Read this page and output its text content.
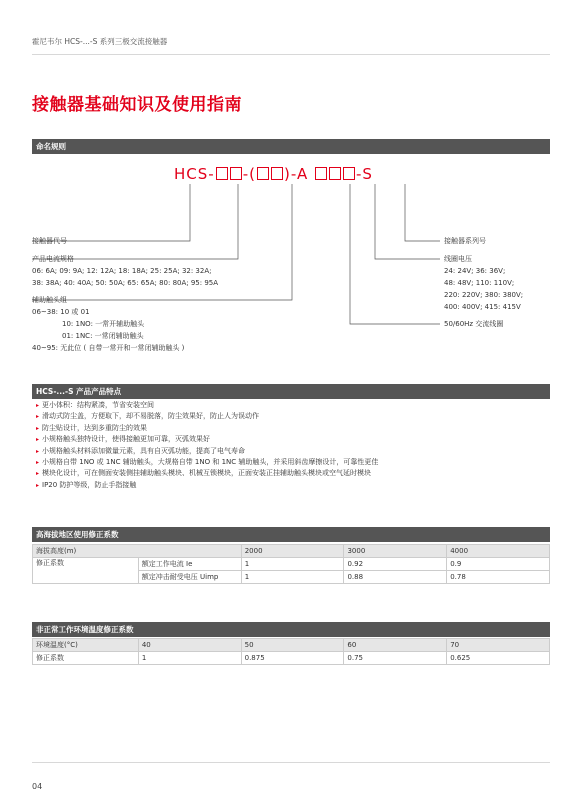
霍尼韦尔 HCS-...-S 系列三极交流接触器
接触器基础知识及使用指南
命名规则
HCS- -( )-A	-S
接触器代号
产品电流规格
06: 6A; 09: 9A; 12: 12A; 18: 18A; 25: 25A; 32: 32A;
38: 38A; 40: 40A; 50: 50A; 65: 65A; 80: 80A; 95: 95A
辅助触头组
06~38: 10 或 01
10: 1NO: 一常开辅助触头
01: 1NC: 一常闭辅助触头
40~95: 无此位 ( 自带一常开和一常闭辅助触头 )
接触器系列号
线圈电压
24: 24V; 36: 36V;
48: 48V; 110: 110V;
220: 220V; 380: 380V;
400: 400V; 415: 415V
50/60Hz 交流线圈
HCS-...-S 产品产品特点
▸ 更小体积：结构紧凑，节省安装空间
▸ 滑动式防尘盖，方便取下，却不易脱落，防尘效果好，防止人为误动作
▸ 防尘贴设计，达到多重防尘的效果
▸ 小规格触头独特设计，使得接触更加可靠，灭弧效果好
▸ 小规格触头材料添加微量元素，具有自灭弧功能，提高了电气寿命
▸ 小规格自带 1NO 或 1NC 辅助触头，大规格自带 1NO 和 1NC 辅助触头，并采用斜齿摩擦设计，可靠性更佳
▸ 模块化设计，可在侧面安装侧挂辅助触头模块、机械互锁模块，正面安装正挂辅助触头模块或空气延时模块
▸ IP20 防护等级，防止手指接触
高海拔地区使用修正系数
海拔高度(m)		2000	3000	4000
修正系数	额定工作电流 Ie	1	0.92	0.9
	额定冲击耐受电压 Uimp	1	0.88	0.78
非正常工作环境温度修正系数
环境温度(°C)	40	50	60	70
修正系数	1	0.875	0.75	0.625
04
